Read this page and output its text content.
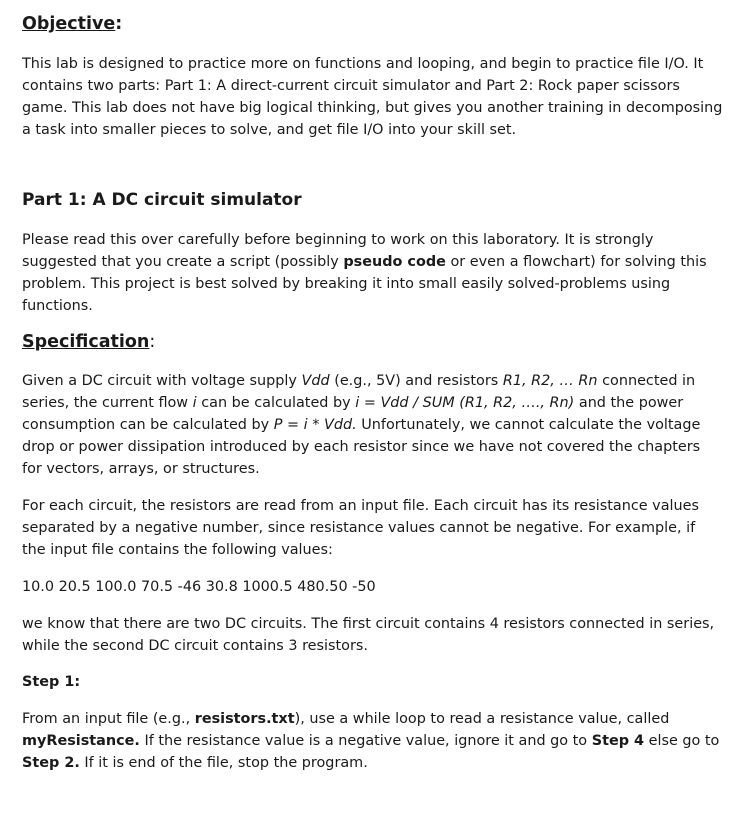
Objective:

This lab is designed to practice more on functions and looping, and begin to practice file I/O. It contains two parts: Part 1: A direct-current circuit simulator and Part 2: Rock paper scissors game. This lab does not have big logical thinking, but gives you another training in decomposing a task into smaller pieces to solve, and get file I/O into your skill set.

Part 1: A DC circuit simulator

Please read this over carefully before beginning to work on this laboratory. It is strongly suggested that you create a script (possibly pseudo code or even a flowchart) for solving this problem. This project is best solved by breaking it into small easily solved-problems using functions.

Specification:

Given a DC circuit with voltage supply Vdd (e.g., 5V) and resistors R1, R2, … Rn connected in series, the current flow i can be calculated by i = Vdd / SUM (R1, R2, …., Rn) and the power consumption can be calculated by P = i * Vdd. Unfortunately, we cannot calculate the voltage drop or power dissipation introduced by each resistor since we have not covered the chapters for vectors, arrays, or structures.

For each circuit, the resistors are read from an input file. Each circuit has its resistance values separated by a negative number, since resistance values cannot be negative. For example, if the input file contains the following values:

10.0 20.5 100.0 70.5 -46 30.8 1000.5 480.50 -50

we know that there are two DC circuits. The first circuit contains 4 resistors connected in series, while the second DC circuit contains 3 resistors.

Step 1:

From an input file (e.g., resistors.txt), use a while loop to read a resistance value, called myResistance. If the resistance value is a negative value, ignore it and go to Step 4 else go to Step 2. If it is end of the file, stop the program.
